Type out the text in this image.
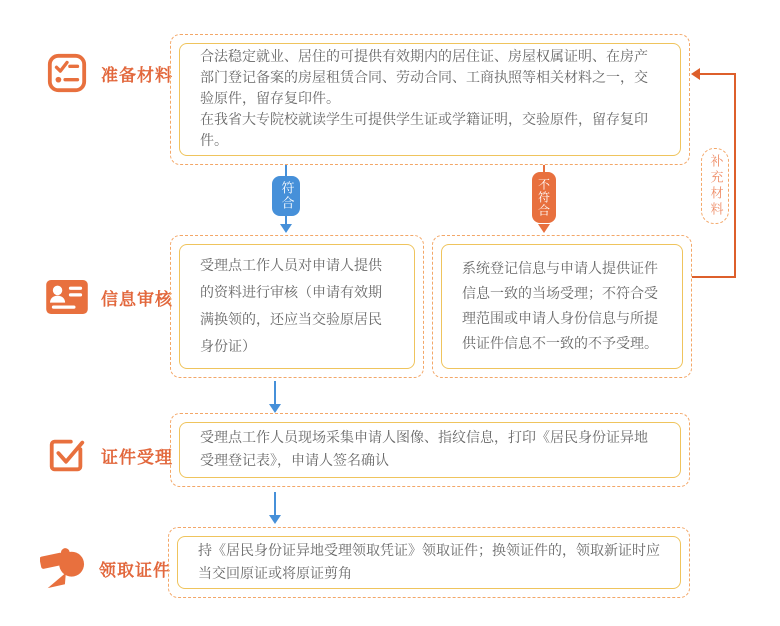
准备材料
信息审核
证件受理
领取证件
合法稳定就业、居住的可提供有效期内的居住证、房屋权属证明、在房产部门登记备案的房屋租赁合同、劳动合同、工商执照等相关材料之一，交验原件，留存复印件。
在我省大专院校就读学生可提供学生证或学籍证明，交验原件，留存复印件。
符合	不符合
受理点工作人员对申请人提供的资料进行审核（申请有效期满换领的，还应当交验原居民身份证）
系统登记信息与申请人提供证件信息一致的当场受理；不符合受理范围或申请人身份信息与所提供证件信息不一致的不予受理。
补充材料
受理点工作人员现场采集申请人图像、指纹信息，打印《居民身份证异地受理登记表》，申请人签名确认
持《居民身份证异地受理领取凭证》领取证件；换领证件的，领取新证时应当交回原证或将原证剪角
